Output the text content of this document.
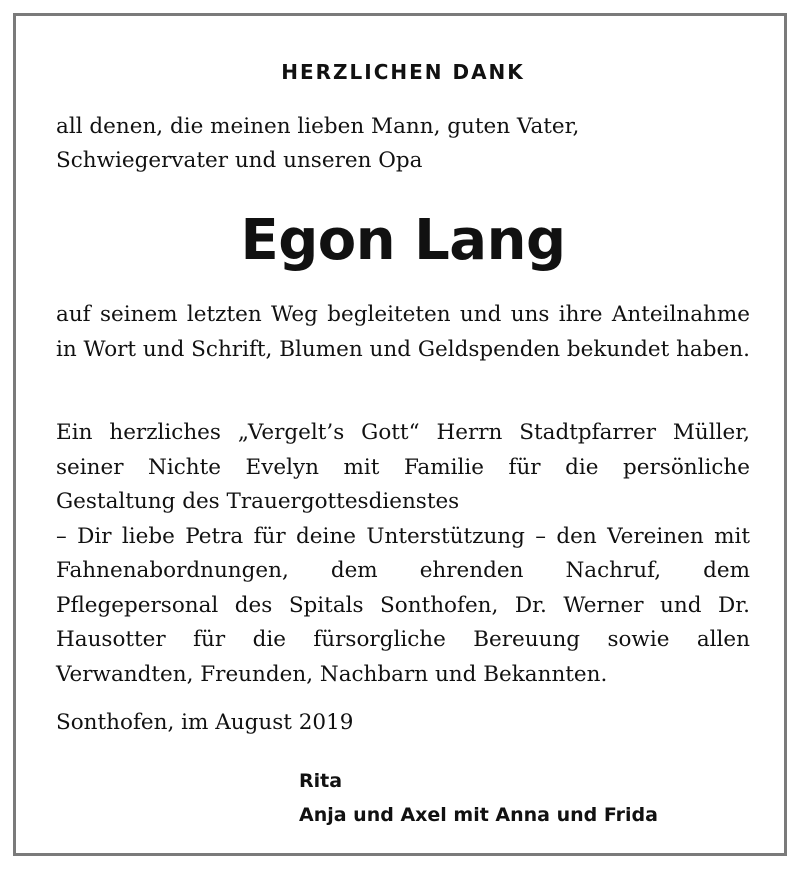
HERZLICHEN DANK
all denen, die meinen lieben Mann, guten Vater,
Schwiegervater und unseren Opa
Egon Lang
auf seinem letzten Weg begleiteten und uns ihre Anteilnahme in Wort und Schrift, Blumen und Geldspenden bekundet haben.
Ein herzliches „Vergelt’s Gott“ Herrn Stadtpfarrer Müller, seiner Nichte Evelyn mit Familie für die persönliche Gestaltung des Trauergottesdienstes
– Dir liebe Petra für deine Unterstützung – den Vereinen mit Fahnenabordnungen, dem ehrenden Nachruf, dem Pflegepersonal des Spitals Sonthofen, Dr. Werner und Dr. Hausotter für die fürsorgliche Bereuung sowie allen Verwandten, Freunden, Nachbarn und Bekannten.
Sonthofen, im August 2019
Rita
Anja und Axel mit Anna und Frida
